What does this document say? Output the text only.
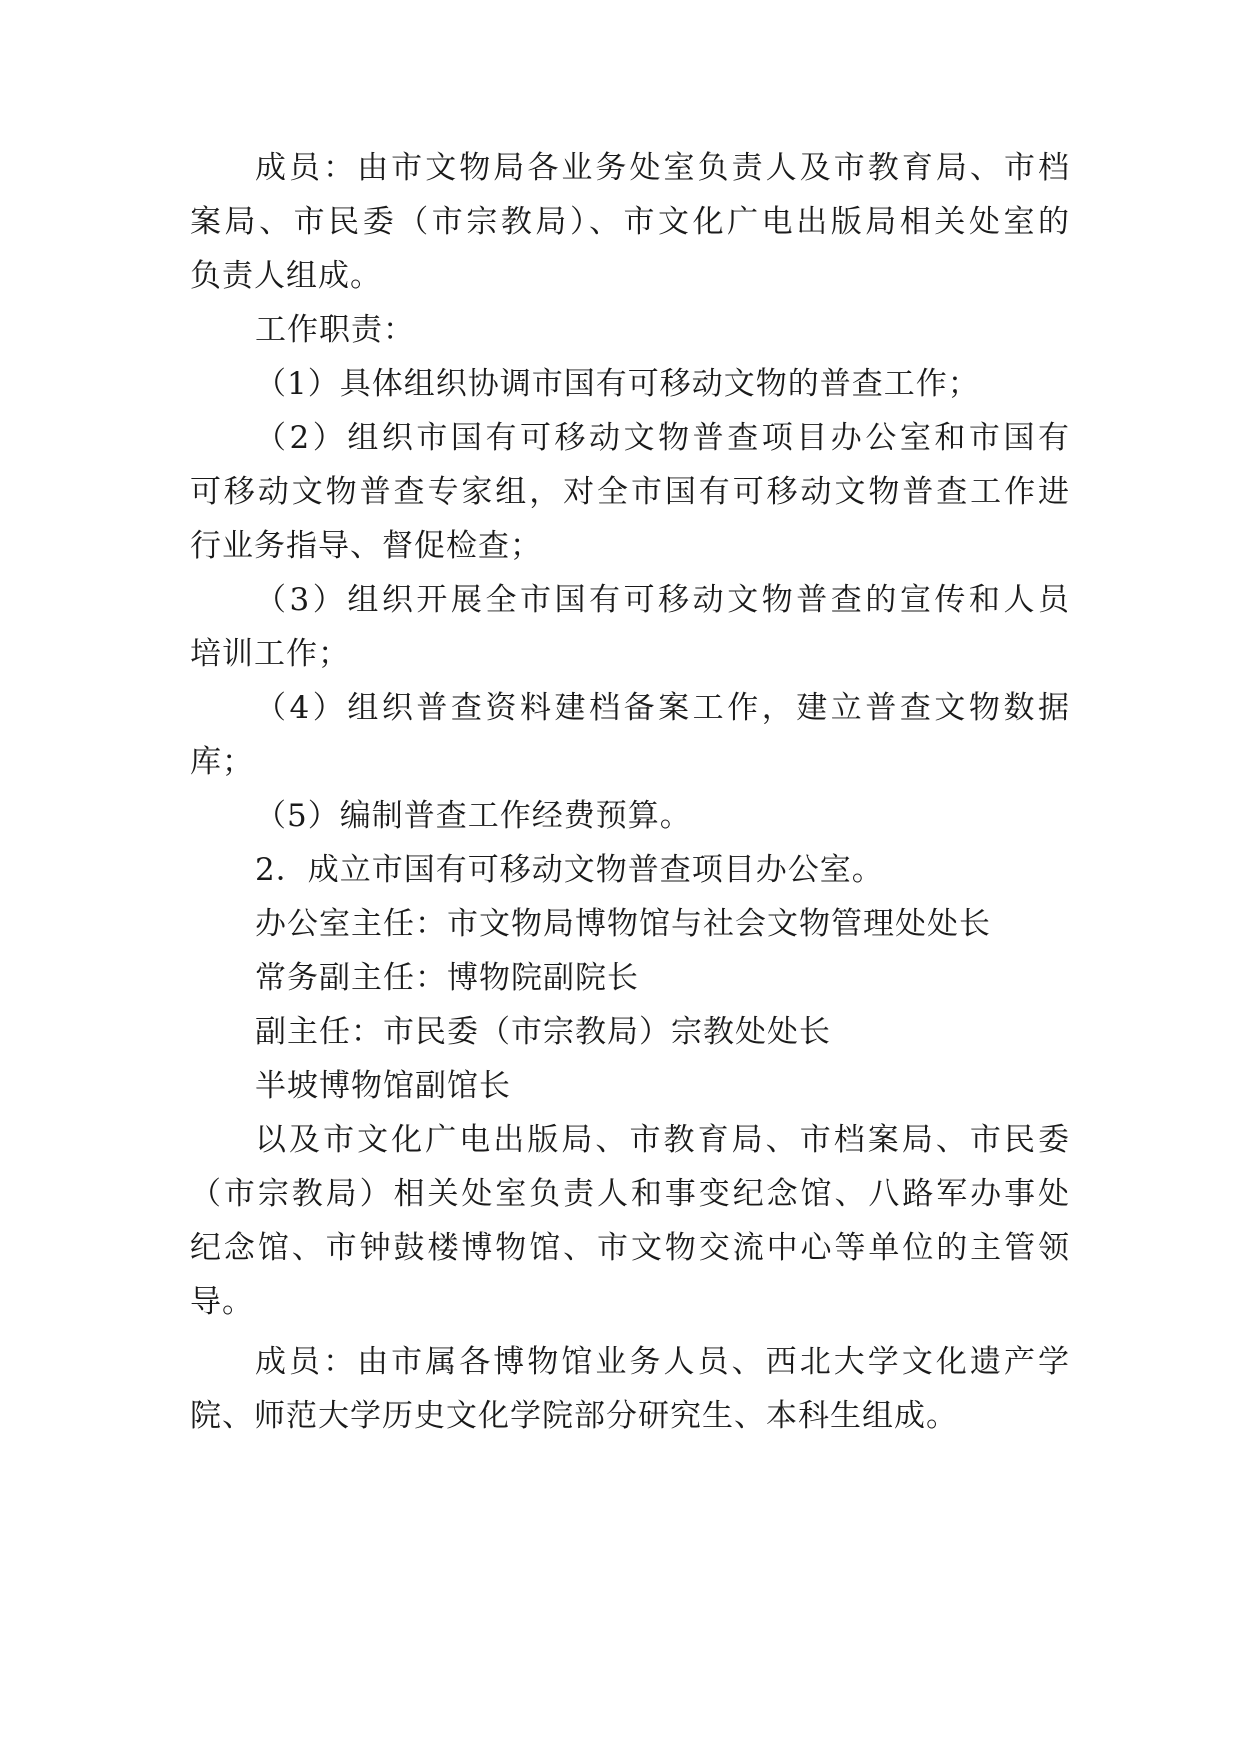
成员：由市文物局各业务处室负责人及市教育局、市档
案局、市民委（市宗教局）、市文化广电出版局相关处室的
负责人组成。
工作职责：
（1）具体组织协调市国有可移动文物的普查工作；
（2）组织市国有可移动文物普查项目办公室和市国有
可移动文物普查专家组，对全市国有可移动文物普查工作进
行业务指导、督促检查；
（3）组织开展全市国有可移动文物普查的宣传和人员
培训工作；
（4）组织普查资料建档备案工作，建立普查文物数据
库；
（5）编制普查工作经费预算。
2．成立市国有可移动文物普查项目办公室。
办公室主任：市文物局博物馆与社会文物管理处处长
常务副主任：博物院副院长
副主任：市民委（市宗教局）宗教处处长
半坡博物馆副馆长
以及市文化广电出版局、市教育局、市档案局、市民委
（市宗教局）相关处室负责人和事变纪念馆、八路军办事处
纪念馆、市钟鼓楼博物馆、市文物交流中心等单位的主管领
导。
成员：由市属各博物馆业务人员、西北大学文化遗产学
院、师范大学历史文化学院部分研究生、本科生组成。
